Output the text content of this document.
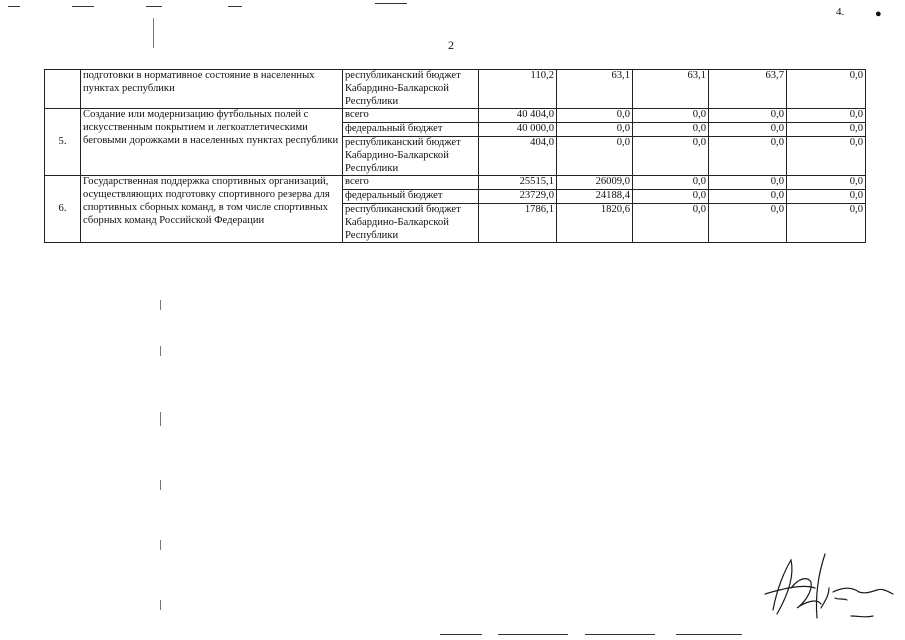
2
4.	●
	подготовки в нормативное состояние в населенных пунктах республики	республиканский бюджет Кабардино-Балкарской Республики	110,2	63,1	63,1	63,7	0,0
5.	Создание или модернизацию футбольных полей с искусственным покрытием и легкоатлетическими беговыми дорожками в населенных пунктах республики	всего	40 404,0	0,0	0,0	0,0	0,0
		федеральный бюджет	40 000,0	0,0	0,0	0,0	0,0
		республиканский бюджет Кабардино-Балкарской Республики	404,0	0,0	0,0	0,0	0,0
6.	Государственная поддержка спортивных организаций, осуществляющих подготовку спортивного резерва для спортивных сборных команд, в том числе спортивных сборных команд Российской Федерации	всего	25515,1	26009,0	0,0	0,0	0,0
		федеральный бюджет	23729,0	24188,4	0,0	0,0	0,0
		республиканский бюджет Кабардино-Балкарской Республики	1786,1	1820,6	0,0	0,0	0,0
